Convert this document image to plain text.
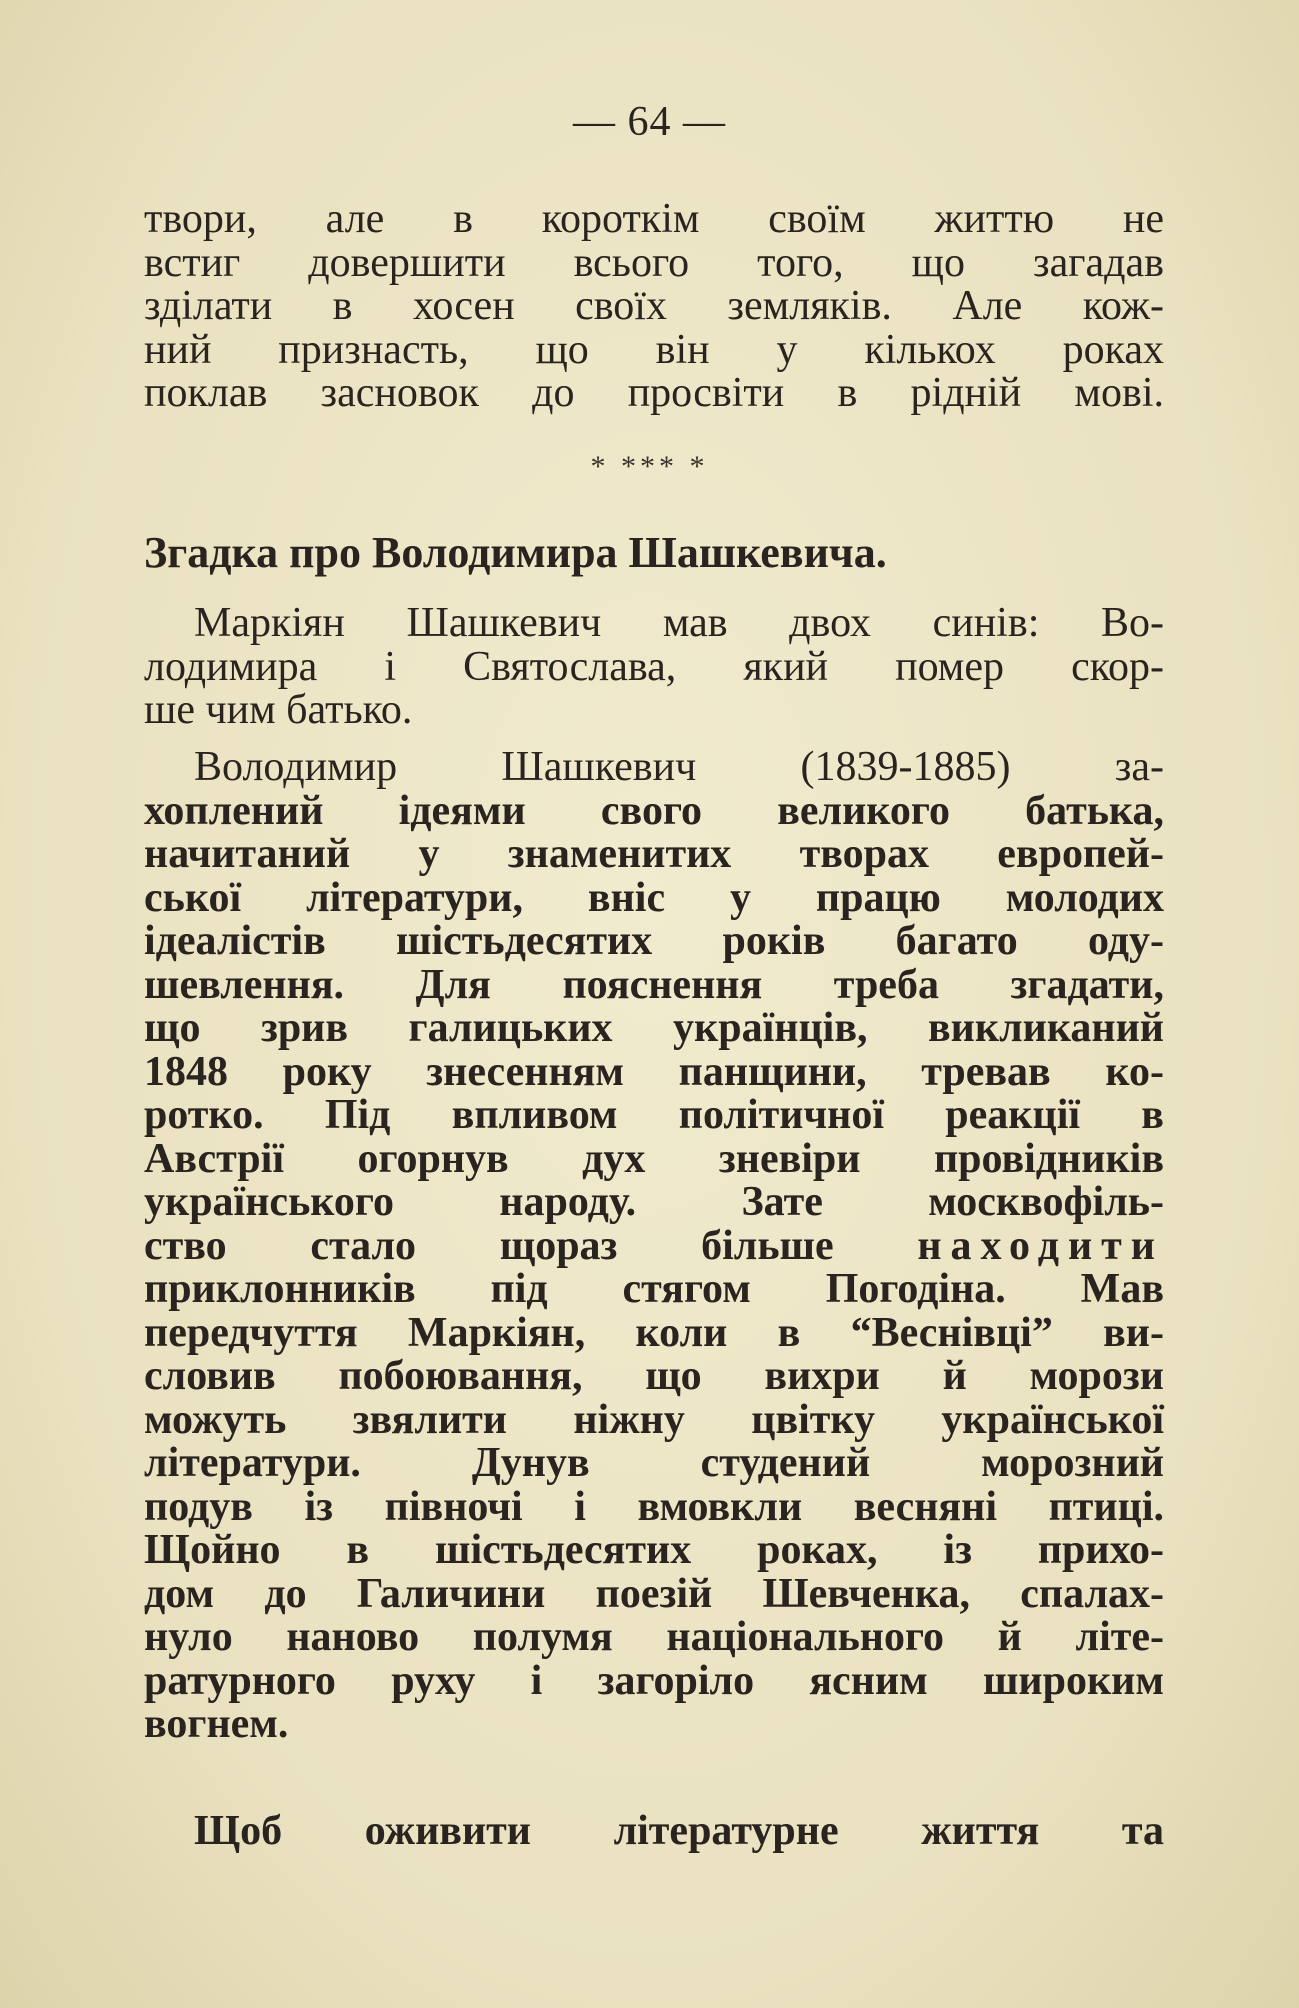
— 64 —
твори, але в короткім своїм життю не
встиг довершити всього того, що загадав
здiлати в хосен своїх земляків. Але кож-
ний признасть, що він у кількох роках
поклав засновок до просвiти в рiднiй мовi.
* *** *
Згадка про Володимира Шашкевича.
Маркіян Шашкевич мав двох синів: Во-
лодимира і Святослава, який помер скор-
ше чим батько.
Володимир Шашкевич (1839-1885) за-
хоплений ідеями свого великого батька,
начитаний у знаменитих творах европей-
ської лiтератури, внiс у працю молодих
iдеалiстiв шiстьдесятих рокiв багато оду-
шевлення. Для пояснення треба згадати,
що зрив галицьких українцiв, викликаний
1848 року знесенням панщини, тревав ко-
ротко. Пiд впливом полiтичної реакцiї в
Австрiї огорнув дух зневiри провiдникiв
українського народу. Зате москвофiль-
ство стало щораз бiльше находити
приклонникiв пiд стягом Погодiна. Мав
передчуття Маркiян, коли в “Веснiвцi” ви-
словив побоювання, що вихри й морози
можуть звялити нiжну цвiтку української
лiтератури. Дунув студений морозний
подув iз пiвночi i вмовкли весняні птицi.
Щойно в шiстьдесятих роках, iз прихо-
дом до Галичини поезiй Шевченка, спалах-
нуло наново полумя нацiонального й лiте-
ратурного руху i загорiло ясним широким
вогнем.
Щоб оживити лiтературне життя та
